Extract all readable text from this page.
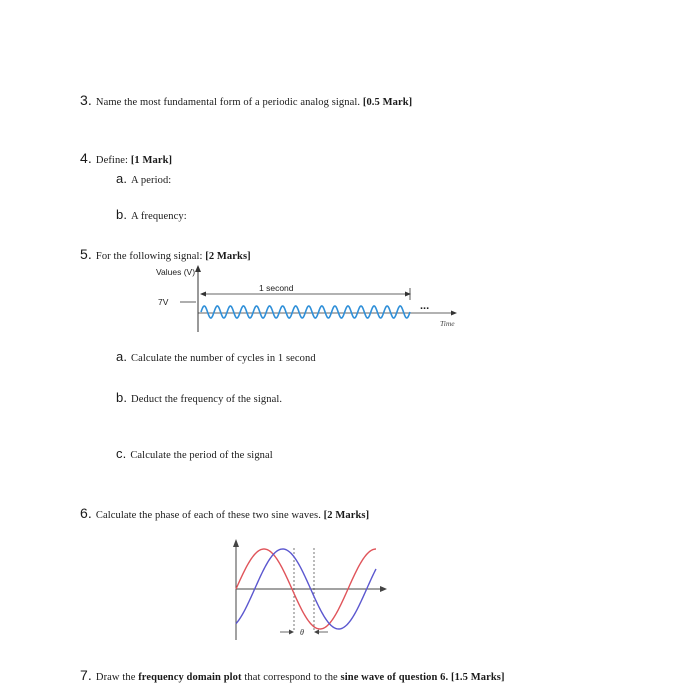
3. Name the most fundamental form of a periodic analog signal. [0.5 Mark]
4. Define: [1 Mark]
a. A period:
b. A frequency:
5. For the following signal: [2 Marks]
Values (V)
Time
7V
1 second
...
a. Calculate the number of cycles in 1 second
b. Deduct the frequency of the signal.
c. Calculate the period of the signal
6. Calculate the phase of each of these two sine waves. [2 Marks]
θ
7. Draw the frequency domain plot that correspond to the sine wave of question 6. [1.5 Marks]
